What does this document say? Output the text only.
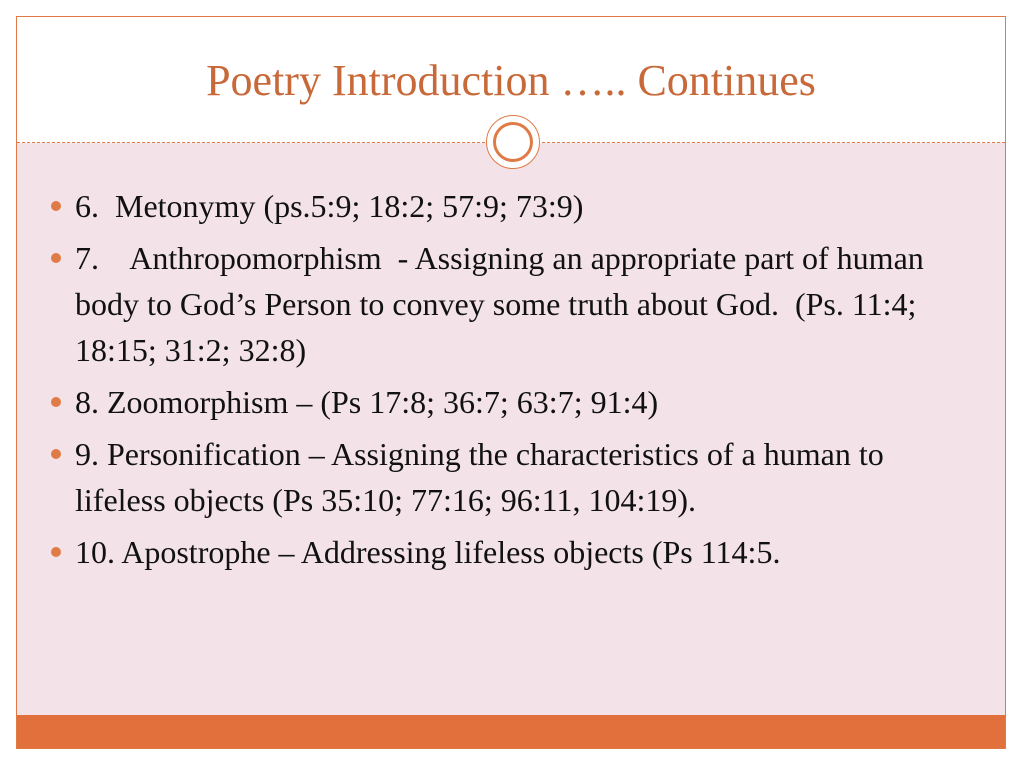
Poetry Introduction ….. Continues
6.  Metonymy (ps.5:9; 18:2; 57:9; 73:9)
7.    Anthropomorphism  - Assigning an appropriate part of human body to God’s Person to convey some truth about God.  (Ps. 11:4; 18:15; 31:2; 32:8)
8. Zoomorphism – (Ps 17:8; 36:7; 63:7; 91:4)
9. Personification – Assigning the characteristics of a human to lifeless objects (Ps 35:10; 77:16; 96:11, 104:19).
10. Apostrophe – Addressing lifeless objects (Ps 114:5.
